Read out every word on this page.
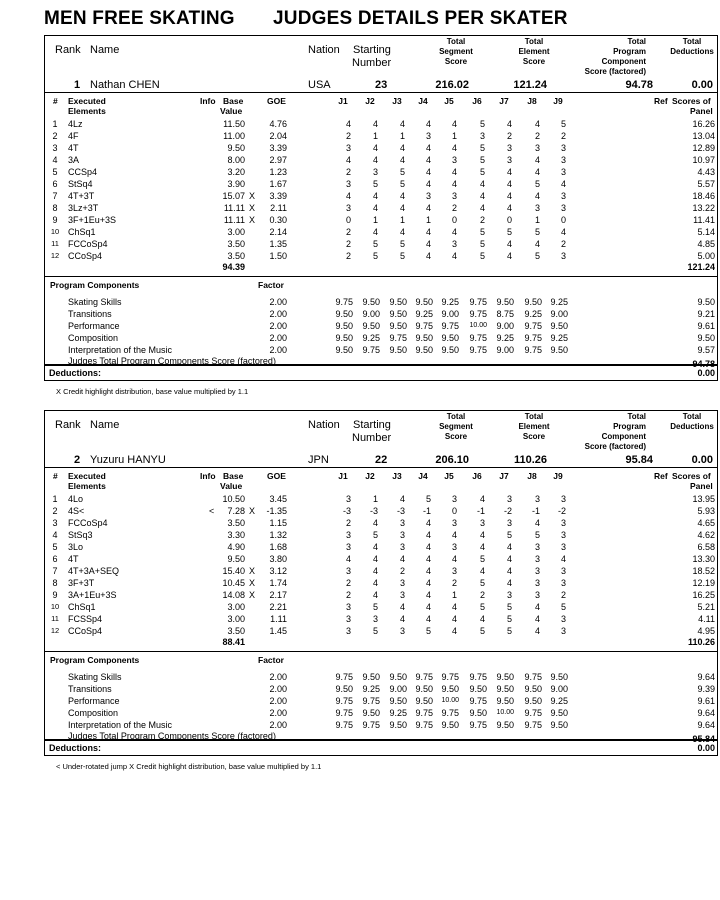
MEN FREE SKATING JUDGES DETAILS PER SKATER
Rank Name	Nation Starting
Number
Total
Segment
Score
Total
Element
Score
Total
Program
Component
Score (factored)
Total
Deductions
1 Nathan CHEN	USA	23	216.02	121.24	94.78	0.00
# Executed
Elements
Info Base
Value
GOE	J1	J2	J3	J4	J5	J6	J7	J8	J9	Ref Scores of
Panel
1	4Lz	11.50	4.76	4	4	4	4	4	5	4	4	5	16.26
2	4F	11.00	2.04	2	1	1	3	1	3	2	2	2	13.04
3	4T	9.50	3.39	3	4	4	4	4	5	3	3	3	12.89
4	3A	8.00	2.97	4	4	4	4	3	5	3	4	3	10.97
5	CCSp4	3.20	1.23	2	3	5	4	4	5	4	4	3	4.43
6	StSq4	3.90	1.67	3	5	5	4	4	4	4	5	4	5.57
7	4T+3T	15.07 X	3.39	4	4	4	3	3	4	4	4	3	18.46
8	3Lz+3T	11.11 X	2.11	3	4	4	4	2	4	4	3	3	13.22
9	3F+1Eu+3S	11.11 X	0.30	0	1	1	1	0	2	0	1	0	11.41
10 ChSq1	3.00	2.14	2	4	4	4	4	5	5	5	4	5.14
11	FCCoSp4	3.50	1.35	2	5	5	4	3	5	4	4	2	4.85
12 CCoSp4	3.50	1.50	2	5	5	4	4	5	4	5	3	5.00
94.39	121.24
Program Components	Factor
Skating Skills	2.00	9.75	9.50	9.50 9.50 9.25	9.75	9.50	9.50 9.25	9.50
Transitions	2.00	9.50	9.00	9.50 9.25 9.00	9.75	8.75	9.25 9.00	9.21
Performance	2.00	9.50	9.50	9.50 9.75 9.75	10.00	9.00	9.75 9.50	9.61
Composition	2.00	9.50	9.25	9.75 9.50 9.50	9.75	9.25	9.75 9.25	9.50
Interpretation of the Music	2.00	9.50	9.75	9.50 9.50 9.50	9.75	9.00	9.75 9.50	9.57
Judges Total Program Components Score (factored)	94.78
Deductions:	0.00
X Credit highlight distribution, base value multiplied by 1.1
Rank Name	Nation Starting
Number
Total
Segment
Score
Total
Element
Score
Total
Program
Component
Score (factored)
Total
Deductions
2 Yuzuru HANYU	JPN	22	206.10	110.26	95.84	0.00
# Executed
Elements
Info Base
Value
GOE	J1	J2	J3	J4	J5	J6	J7	J8	J9	Ref Scores of
Panel
1	4Lo	10.50	3.45	3	1	4	5	3	4	3	3	3	13.95
2	4S<	<	7.28 X	-1.35	-3	-3	-3	-1	0	-1	-2	-1	-2	5.93
3	FCCoSp4	3.50	1.15	2	4	3	4	3	3	3	4	3	4.65
4	StSq3	3.30	1.32	3	5	3	4	4	4	5	5	3	4.62
5	3Lo	4.90	1.68	3	4	3	4	3	4	4	3	3	6.58
6	4T	9.50	3.80	4	4	4	4	4	5	4	3	4	13.30
7	4T+3A+SEQ	15.40 X	3.12	3	4	2	4	3	4	4	3	3	18.52
8	3F+3T	10.45 X	1.74	2	4	3	4	2	5	4	3	3	12.19
9	3A+1Eu+3S	14.08 X	2.17	2	4	3	4	1	2	3	3	2	16.25
10 ChSq1	3.00	2.21	3	5	4	4	4	5	5	4	5	5.21
11	FCSSp4	3.00	1.11	3	3	4	4	4	4	5	4	3	4.11
12 CCoSp4	3.50	1.45	3	5	3	5	4	5	5	4	3	4.95
88.41	110.26
Program Components	Factor
Skating Skills	2.00	9.75	9.50	9.50 9.75 9.75	9.75	9.50	9.75 9.50	9.64
Transitions	2.00	9.50	9.25	9.00 9.50 9.50	9.50	9.50	9.50 9.00	9.39
Performance	2.00	9.75	9.75	9.50 9.50	10.00	9.75	9.50	9.50 9.25	9.61
Composition	2.00	9.75	9.50	9.25 9.75 9.75	9.50	10.00	9.75 9.50	9.64
Interpretation of the Music	2.00	9.75	9.75	9.50 9.75 9.50	9.75	9.50	9.75 9.50	9.64
Judges Total Program Components Score (factored)	95.84
Deductions:	0.00
< Under-rotated jump X Credit highlight distribution, base value multiplied by 1.1
